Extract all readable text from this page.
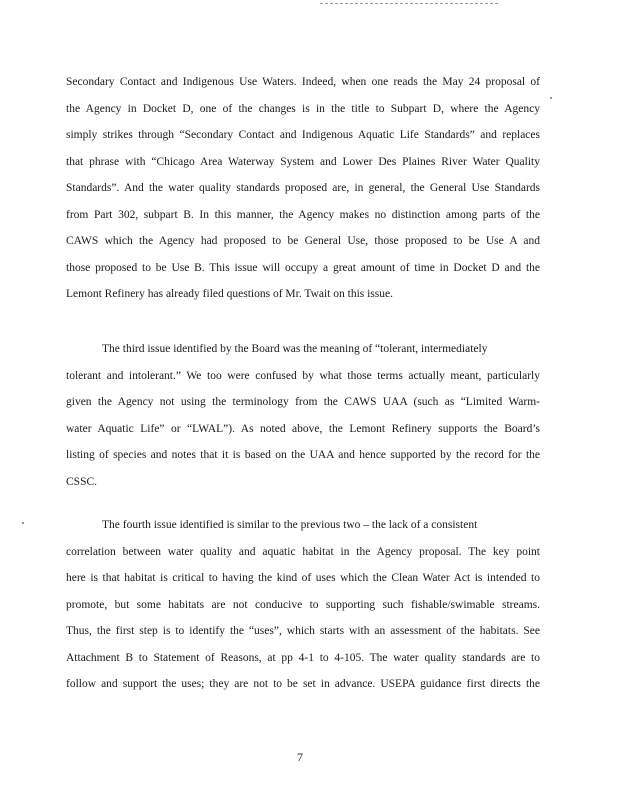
Secondary Contact and Indigenous Use Waters. Indeed, when one reads the May 24 proposal of
the Agency in Docket D, one of the changes is in the title to Subpart D, where the Agency
simply strikes through “Secondary Contact and Indigenous Aquatic Life Standards” and replaces
that phrase with “Chicago Area Waterway System and Lower Des Plaines River Water Quality
Standards”. And the water quality standards proposed are, in general, the General Use Standards
from Part 302, subpart B. In this manner, the Agency makes no distinction among parts of the
CAWS which the Agency had proposed to be General Use, those proposed to be Use A and
those proposed to be Use B. This issue will occupy a great amount of time in Docket D and the
Lemont Refinery has already filed questions of Mr. Twait on this issue.

The third issue identified by the Board was the meaning of “tolerant, intermediately
tolerant and intolerant.” We too were confused by what those terms actually meant, particularly
given the Agency not using the terminology from the CAWS UAA (such as “Limited Warm-
water Aquatic Life” or “LWAL”). As noted above, the Lemont Refinery supports the Board’s
listing of species and notes that it is based on the UAA and hence supported by the record for the
CSSC.

The fourth issue identified is similar to the previous two – the lack of a consistent
correlation between water quality and aquatic habitat in the Agency proposal. The key point
here is that habitat is critical to having the kind of uses which the Clean Water Act is intended to
promote, but some habitats are not conducive to supporting such fishable/swimable streams.
Thus, the first step is to identify the “uses”, which starts with an assessment of the habitats. See
Attachment B to Statement of Reasons, at pp 4-1 to 4-105. The water quality standards are to
follow and support the uses; they are not to be set in advance. USEPA guidance first directs the

7
